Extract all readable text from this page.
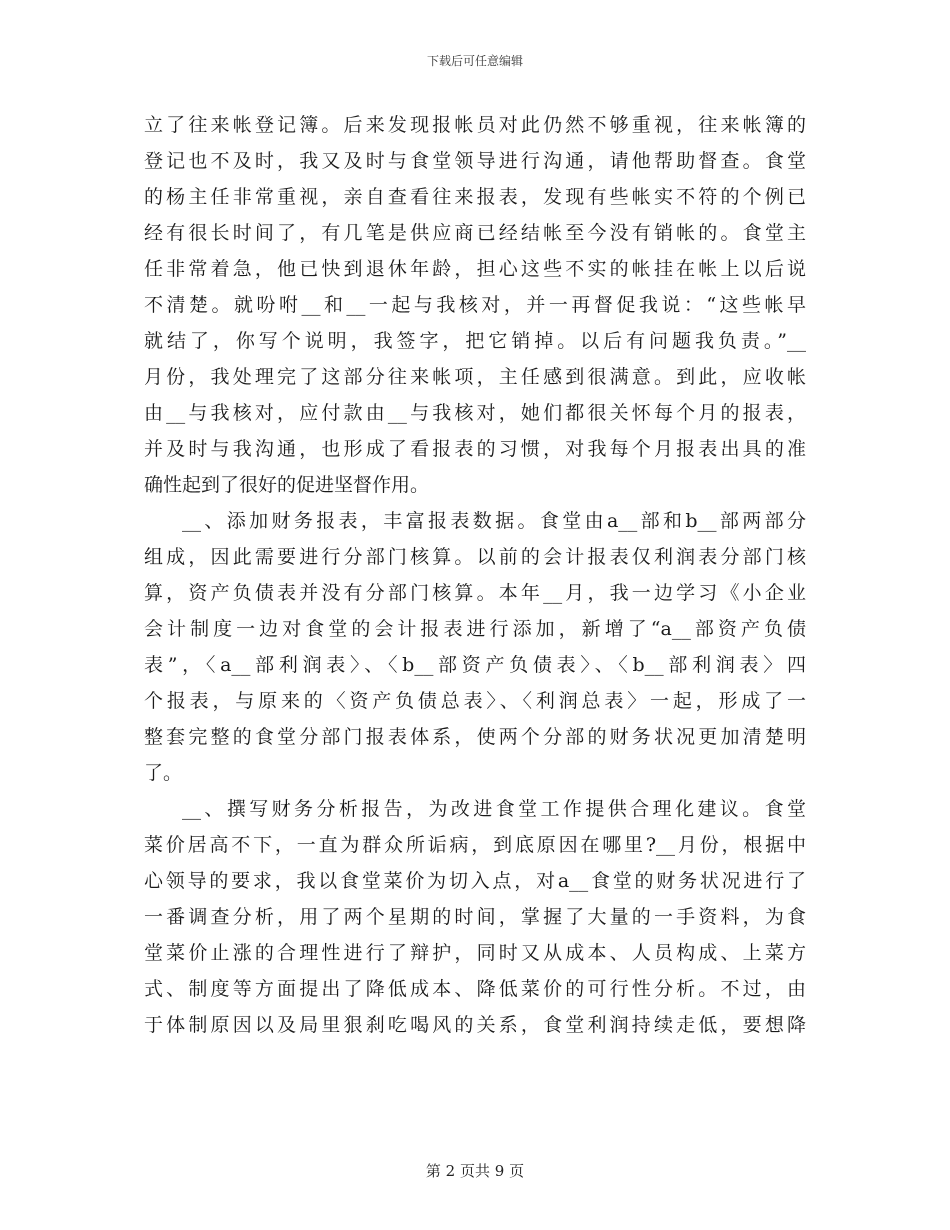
下载后可任意编辑
立了往来帐登记簿。后来发现报帐员对此仍然不够重视，往来帐簿的
登记也不及时，我又及时与食堂领导进行沟通，请他帮助督查。食堂
的杨主任非常重视，亲自查看往来报表，发现有些帐实不符的个例已
经有很长时间了，有几笔是供应商已经结帐至今没有销帐的。食堂主
任非常着急，他已快到退休年龄，担心这些不实的帐挂在帐上以后说
不清楚。就吩咐__和__一起与我核对，并一再督促我说：“这些帐早
就结了，你写个说明，我签字，把它销掉。以后有问题我负责。”__
月份，我处理完了这部分往来帐项，主任感到很满意。到此，应收帐
由__与我核对，应付款由__与我核对，她们都很关怀每个月的报表，
并及时与我沟通，也形成了看报表的习惯，对我每个月报表出具的准
确性起到了很好的促进坚督作用。
__、添加财务报表，丰富报表数据。食堂由a__部和b__部两部分
组成，因此需要进行分部门核算。以前的会计报表仅利润表分部门核
算，资产负债表并没有分部门核算。本年__月，我一边学习《小企业
会计制度一边对食堂的会计报表进行添加，新增了“a__部资产负债
表”，〈a__部利润表〉、〈b__部资产负债表〉、〈b__部利润表〉四
个报表，与原来的〈资产负债总表〉、〈利润总表〉一起，形成了一
整套完整的食堂分部门报表体系，使两个分部的财务状况更加清楚明
了。
__、撰写财务分析报告，为改进食堂工作提供合理化建议。食堂
菜价居高不下，一直为群众所诟病，到底原因在哪里?__月份，根据中
心领导的要求，我以食堂菜价为切入点，对a__食堂的财务状况进行了
一番调查分析，用了两个星期的时间，掌握了大量的一手资料，为食
堂菜价止涨的合理性进行了辩护，同时又从成本、人员构成、上菜方
式、制度等方面提出了降低成本、降低菜价的可行性分析。不过，由
于体制原因以及局里狠刹吃喝风的关系，食堂利润持续走低，要想降
第 2 页共 9 页
